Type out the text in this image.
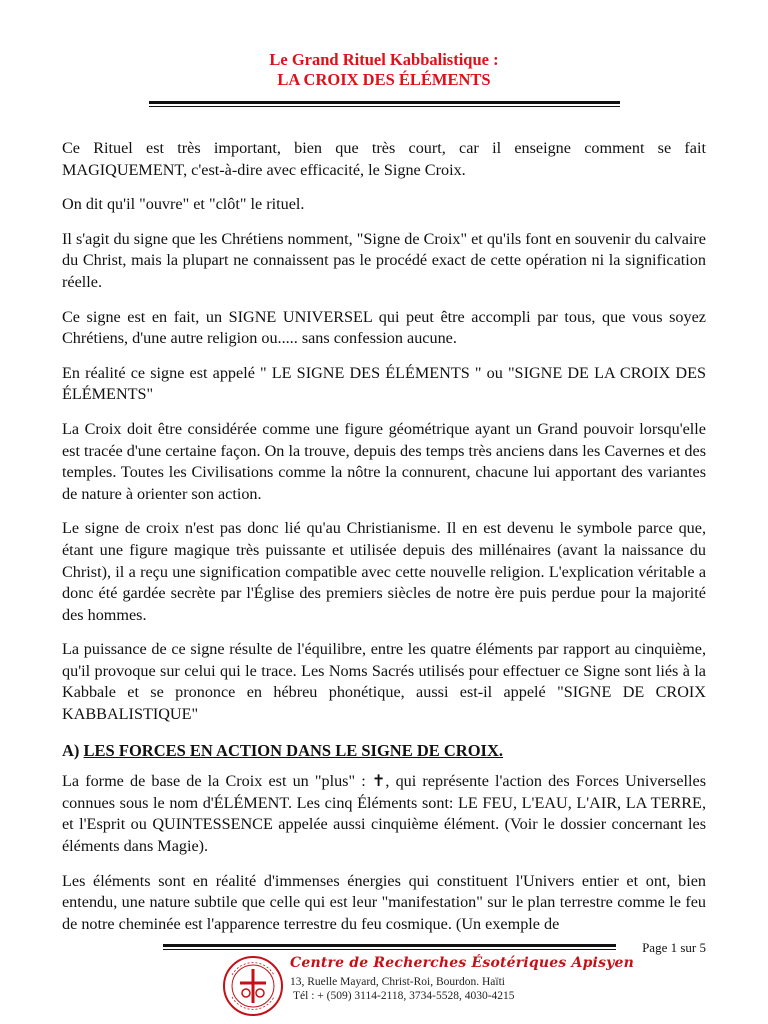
Le Grand Rituel Kabbalistique :
LA CROIX DES ÉLÉMENTS

Ce Rituel est très important, bien que très court, car il enseigne comment se fait MAGIQUEMENT, c'est-à-dire avec efficacité, le Signe Croix.

On dit qu'il "ouvre" et "clôt" le rituel.

Il s'agit du signe que les Chrétiens nomment, "Signe de Croix" et qu'ils font en souvenir du calvaire du Christ, mais la plupart ne connaissent pas le procédé exact de cette opération ni la signification réelle.

Ce signe est en fait, un SIGNE UNIVERSEL qui peut être accompli par tous, que vous soyez Chrétiens, d'une autre religion ou..... sans confession aucune.

En réalité ce signe est appelé " LE SIGNE DES ÉLÉMENTS " ou "SIGNE DE LA CROIX DES ÉLÉMENTS"

La Croix doit être considérée comme une figure géométrique ayant un Grand pouvoir lorsqu'elle est tracée d'une certaine façon. On la trouve, depuis des temps très anciens dans les Cavernes et des temples. Toutes les Civilisations comme la nôtre la connurent, chacune lui apportant des variantes de nature à orienter son action.

Le signe de croix n'est pas donc lié qu'au Christianisme. Il en est devenu le symbole parce que, étant une figure magique très puissante et utilisée depuis des millénaires (avant la naissance du Christ), il a reçu une signification compatible avec cette nouvelle religion. L'explication véritable a donc été gardée secrète par l'Église des premiers siècles de notre ère puis perdue pour la majorité des hommes.

La puissance de ce signe résulte de l'équilibre, entre les quatre éléments par rapport au cinquième, qu'il provoque sur celui qui le trace. Les Noms Sacrés utilisés pour effectuer ce Signe sont liés à la Kabbale et se prononce en hébreu phonétique, aussi est-il appelé "SIGNE DE CROIX KABBALISTIQUE"

A) LES FORCES EN ACTION DANS LE SIGNE DE CROIX.

La forme de base de la Croix est un "plus" : ✝, qui représente l'action des Forces Universelles connues sous le nom d'ÉLÉMENT. Les cinq Éléments sont: LE FEU, L'EAU, L'AIR, LA TERRE, et l'Esprit ou QUINTESSENCE appelée aussi cinquième élément. (Voir le dossier concernant les éléments dans Magie).

Les éléments sont en réalité d'immenses énergies qui constituent l'Univers entier et ont, bien entendu, une nature subtile que celle qui est leur "manifestation" sur le plan terrestre comme le feu de notre cheminée est l'apparence terrestre du feu cosmique. (Un exemple de

Page 1 sur 5
Centre de Recherches Ésotériques Apisyen
13, Ruelle Mayard, Christ-Roi, Bourdon. Haïti
Tél : + (509) 3114-2118, 3734-5528, 4030-4215
